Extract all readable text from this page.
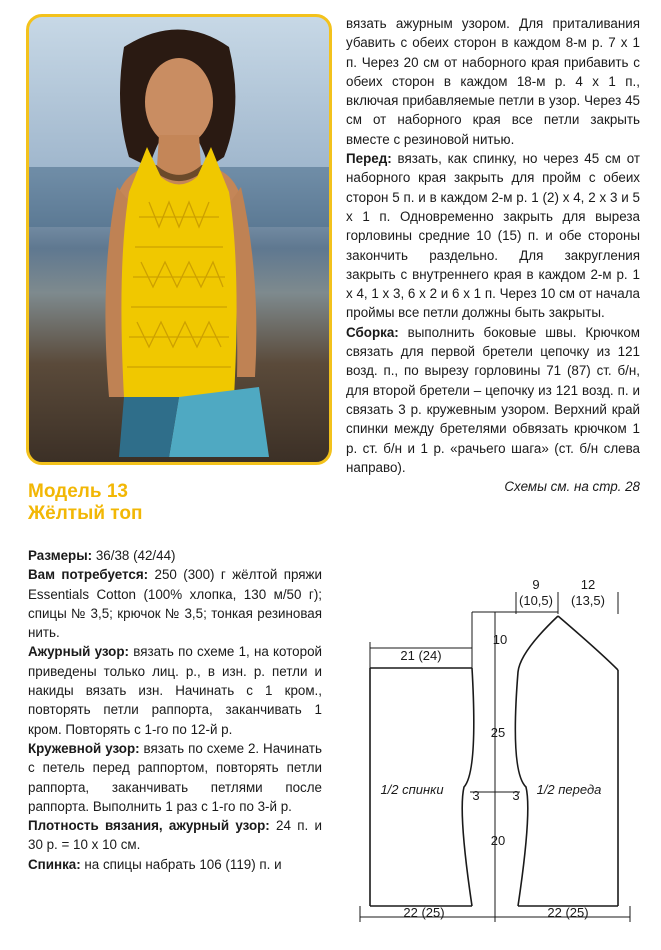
Модель 13
Жёлтый топ

Размеры: 36/38 (42/44)

Вам потребуется: 250 (300) г жёлтой пряжи Essentials Cotton (100% хлопка, 130 м/50 г); спицы № 3,5; крючок № 3,5; тонкая резиновая нить.

Ажурный узор: вязать по схеме 1, на которой приведены только лиц. р., в изн. р. петли и накиды вязать изн. Начинать с 1 кром., повторять петли раппорта, заканчивать 1 кром. Повторять с 1-го по 12-й р.

Кружевной узор: вязать по схеме 2. Начинать с петель перед раппортом, повторять петли раппорта, заканчивать петлями после раппорта. Выполнить 1 раз с 1-го по 3-й р.

Плотность вязания, ажурный узор: 24 п. и 30 р. = 10 х 10 см.

Спинка: на спицы набрать 106 (119) п. и

вязать ажурным узором. Для приталивания убавить с обеих сторон в каждом 8-м р. 7 х 1 п. Через 20 см от наборного края прибавить с обеих сторон в каждом 18-м р. 4 х 1 п., включая прибавляемые петли в узор. Через 45 см от наборного края все петли закрыть вместе с резиновой нитью.

Перед: вязать, как спинку, но через 45 см от наборного края закрыть для пройм с обеих сторон 5 п. и в каждом 2-м р. 1 (2) х 4, 2 х 3 и 5 х 1 п. Одновременно закрыть для выреза горловины средние 10 (15) п. и обе стороны закончить раздельно. Для закругления закрыть с внутреннего края в каждом 2-м р. 1 х 4, 1 х 3, 6 х 2 и 6 х 1 п. Через 10 см от начала проймы все петли должны быть закрыты.

Сборка: выполнить боковые швы. Крючком связать для первой бретели цепочку из 121 возд. п., по вырезу горловины 71 (87) ст. б/н, для второй бретели – цепочку из 121 возд. п. и связать 3 р. кружевным узором. Верхний край спинки между бретелями обвязать крючком 1 р. ст. б/н и 1 р. «рачьего шага» (ст. б/н слева направо).

Схемы см. на стр. 28

9
(10,5)
12
(13,5)
21 (24)
10
25
3	3
20
1/2 спинки	1/2 переда
22 (25)	22 (25)
